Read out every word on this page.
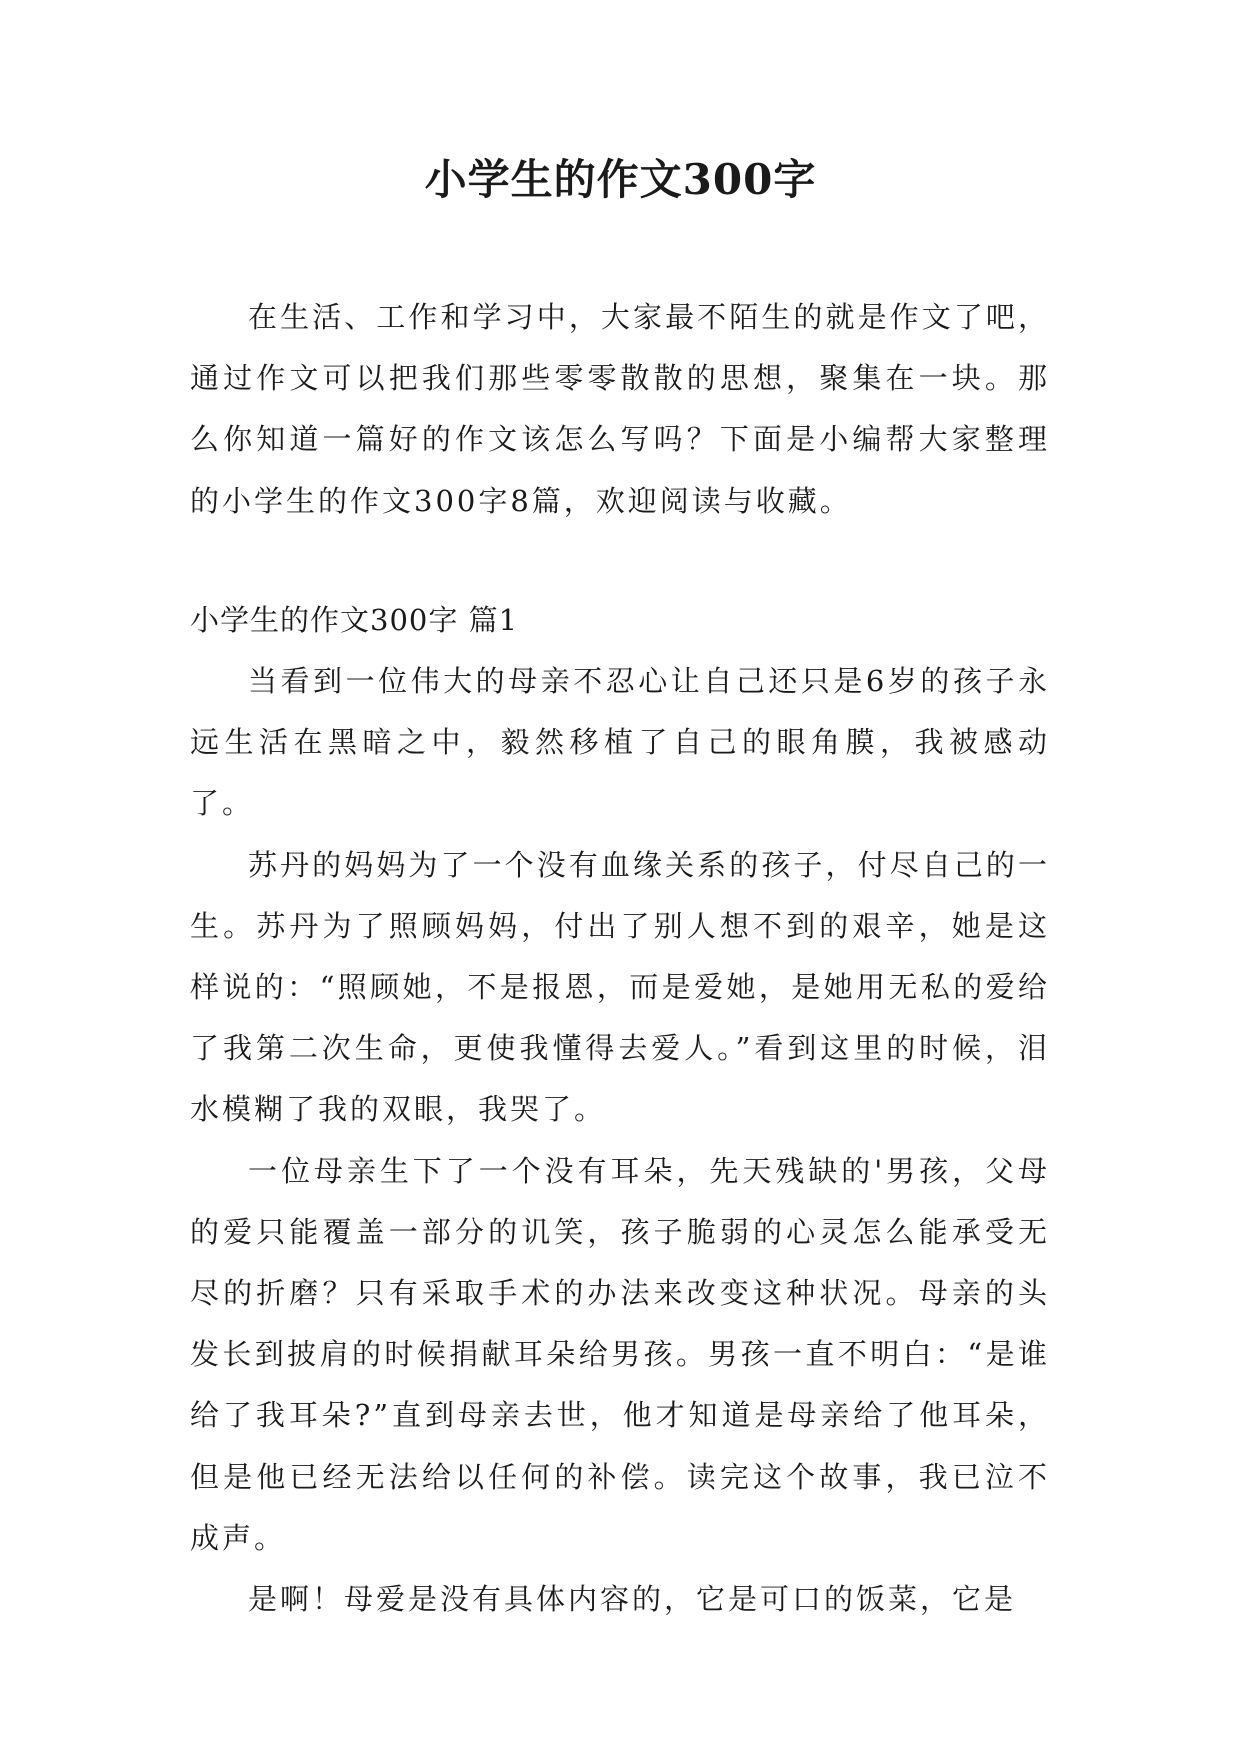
小学生的作文300字

在生活、工作和学习中，大家最不陌生的就是作文了吧，通过作文可以把我们那些零零散散的思想，聚集在一块。那么你知道一篇好的作文该怎么写吗？下面是小编帮大家整理的小学生的作文300字8篇，欢迎阅读与收藏。

小学生的作文300字 篇1

当看到一位伟大的母亲不忍心让自己还只是6岁的孩子永远生活在黑暗之中，毅然移植了自己的眼角膜，我被感动了。

苏丹的妈妈为了一个没有血缘关系的孩子，付尽自己的一生。苏丹为了照顾妈妈，付出了别人想不到的艰辛，她是这样说的：“照顾她，不是报恩，而是爱她，是她用无私的爱给了我第二次生命，更使我懂得去爱人。”看到这里的时候，泪水模糊了我的双眼，我哭了。

一位母亲生下了一个没有耳朵，先天残缺的'男孩，父母的爱只能覆盖一部分的讥笑，孩子脆弱的心灵怎么能承受无尽的折磨？只有采取手术的办法来改变这种状况。母亲的头发长到披肩的时候捐献耳朵给男孩。男孩一直不明白：“是谁给了我耳朵?”直到母亲去世，他才知道是母亲给了他耳朵，但是他已经无法给以任何的补偿。读完这个故事，我已泣不成声。

是啊！母爱是没有具体内容的，它是可口的饭菜，它是
